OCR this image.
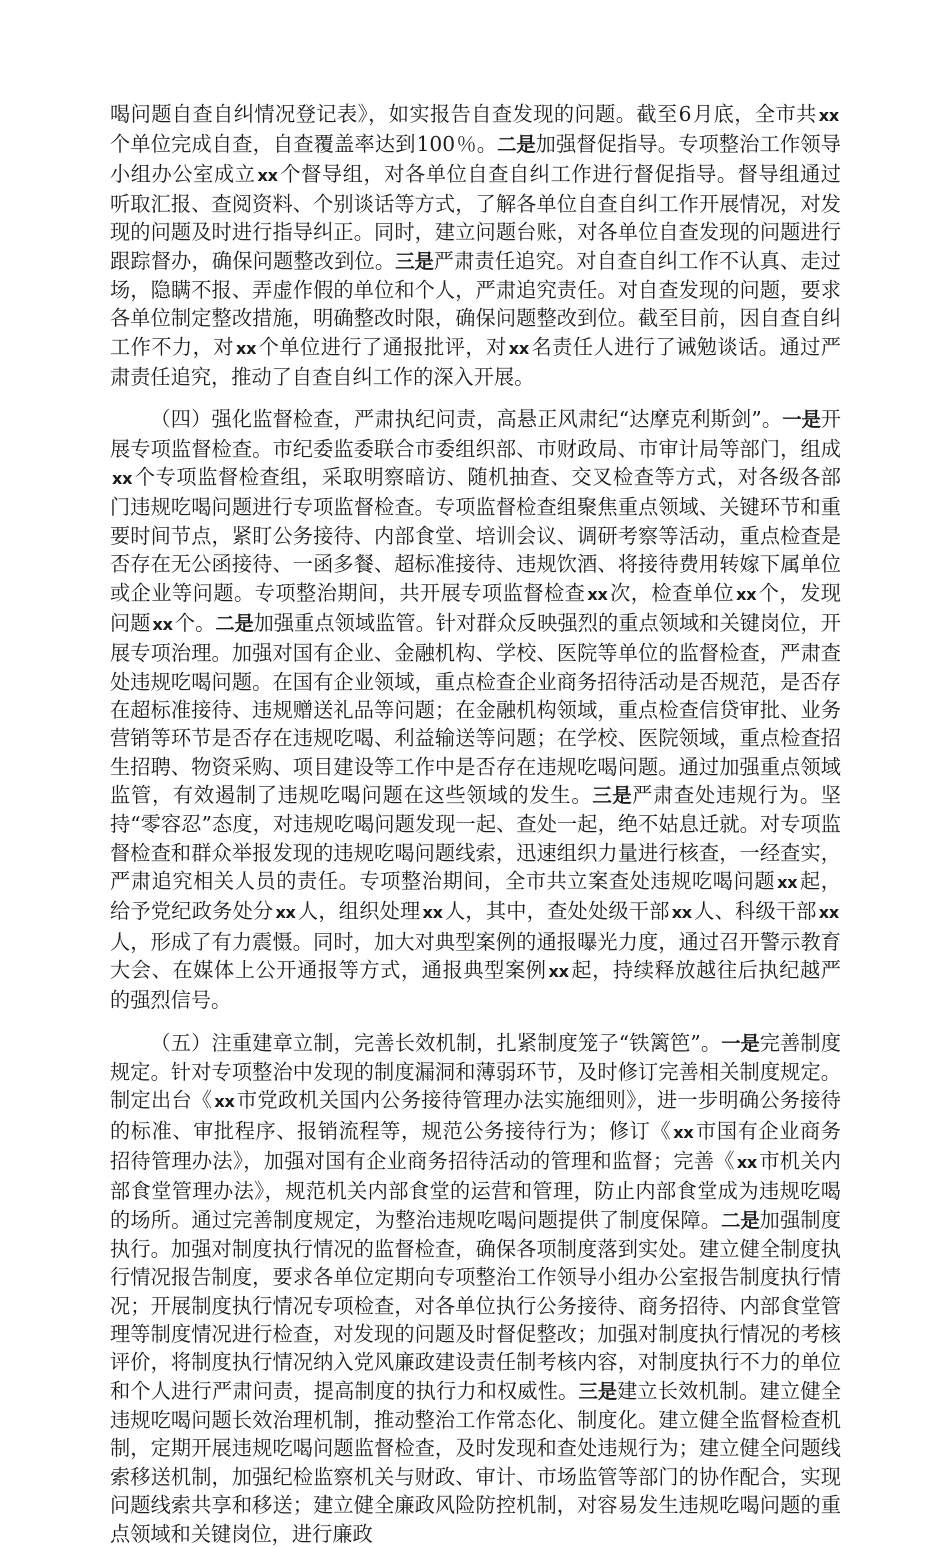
喝问题自查自纠情况登记表》，如实报告自查发现的问题。截至6月底，全市共 xx个单位完成自查，自查覆盖率达到100％。二是加强督促指导。专项整治工作领导小组办公室成立 xx个督导组，对各单位自查自纠工作进行督促指导。督导组通过听取汇报、查阅资料、个别谈话等方式，了解各单位自查自纠工作开展情况，对发现的问题及时进行指导纠正。同时，建立问题台账，对各单位自查发现的问题进行跟踪督办，确保问题整改到位。三是严肃责任追究。对自查自纠工作不认真、走过场，隐瞒不报、弄虚作假的单位和个人，严肃追究责任。对自查发现的问题，要求各单位制定整改措施，明确整改时限，确保问题整改到位。截至目前，因自查自纠工作不力，对 xx个单位进行了通报批评，对 xx名责任人进行了诫勉谈话。通过严肃责任追究，推动了自查自纠工作的深入开展。

（四）强化监督检查，严肃执纪问责，高悬正风肃纪“达摩克利斯剑”。一是开展专项监督检查。市纪委监委联合市委组织部、市财政局、市审计局等部门，组成xx个专项监督检查组，采取明察暗访、随机抽查、交叉检查等方式，对各级各部门违规吃喝问题进行专项监督检查。专项监督检查组聚焦重点领域、关键环节和重要时间节点，紧盯公务接待、内部食堂、培训会议、调研考察等活动，重点检查是否存在无公函接待、一函多餐、超标准接待、违规饮酒、将接待费用转嫁下属单位或企业等问题。专项整治期间，共开展专项监督检查 xx次，检查单位 xx个，发现问题 xx个。二是加强重点领域监管。针对群众反映强烈的重点领域和关键岗位，开展专项治理。加强对国有企业、金融机构、学校、医院等单位的监督检查，严肃查处违规吃喝问题。在国有企业领域，重点检查企业商务招待活动是否规范，是否存在超标准接待、违规赠送礼品等问题；在金融机构领域，重点检查信贷审批、业务营销等环节是否存在违规吃喝、利益输送等问题；在学校、医院领域，重点检查招生招聘、物资采购、项目建设等工作中是否存在违规吃喝问题。通过加强重点领域监管，有效遏制了违规吃喝问题在这些领域的发生。三是严肃查处违规行为。坚持“零容忍”态度，对违规吃喝问题发现一起、查处一起，绝不姑息迁就。对专项监督检查和群众举报发现的违规吃喝问题线索，迅速组织力量进行核查，一经查实，严肃追究相关人员的责任。专项整治期间，全市共立案查处违规吃喝问题 xx起，给予党纪政务处分 xx人，组织处理 xx人，其中，查处处级干部 xx人、科级干部 xx人，形成了有力震慑。同时，加大对典型案例的通报曝光力度，通过召开警示教育大会、在媒体上公开通报等方式，通报典型案例 xx起，持续释放越往后执纪越严的强烈信号。

（五）注重建章立制，完善长效机制，扎紧制度笼子“铁篱笆”。一是完善制度规定。针对专项整治中发现的制度漏洞和薄弱环节，及时修订完善相关制度规定。制定出台《 xx市党政机关国内公务接待管理办法实施细则》，进一步明确公务接待的标准、审批程序、报销流程等，规范公务接待行为；修订《 xx市国有企业商务招待管理办法》，加强对国有企业商务招待活动的管理和监督；完善《 xx市机关内部食堂管理办法》，规范机关内部食堂的运营和管理，防止内部食堂成为违规吃喝的场所。通过完善制度规定，为整治违规吃喝问题提供了制度保障。二是加强制度执行。加强对制度执行情况的监督检查，确保各项制度落到实处。建立健全制度执行情况报告制度，要求各单位定期向专项整治工作领导小组办公室报告制度执行情况；开展制度执行情况专项检查，对各单位执行公务接待、商务招待、内部食堂管理等制度情况进行检查，对发现的问题及时督促整改；加强对制度执行情况的考核评价，将制度执行情况纳入党风廉政建设责任制考核内容，对制度执行不力的单位和个人进行严肃问责，提高制度的执行力和权威性。三是建立长效机制。建立健全违规吃喝问题长效治理机制，推动整治工作常态化、制度化。建立健全监督检查机制，定期开展违规吃喝问题监督检查，及时发现和查处违规行为；建立健全问题线索移送机制，加强纪检监察机关与财政、审计、市场监管等部门的协作配合，实现问题线索共享和移送；建立健全廉政风险防控机制，对容易发生违规吃喝问题的重点领域和关键岗位，进行廉政
